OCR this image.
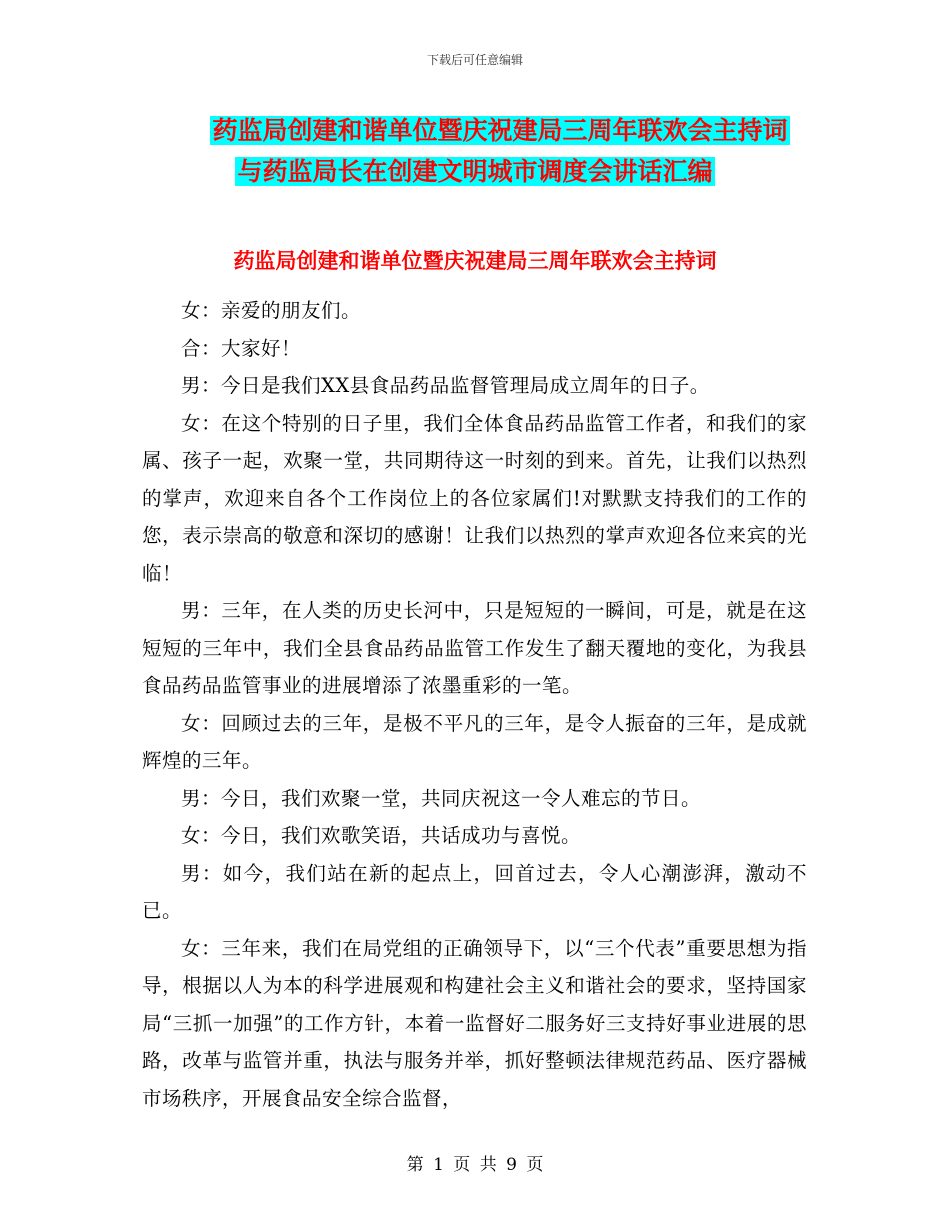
下载后可任意编辑
药监局创建和谐单位暨庆祝建局三周年联欢会主持词
与药监局长在创建文明城市调度会讲话汇编
药监局创建和谐单位暨庆祝建局三周年联欢会主持词

女：亲爱的朋友们。

合：大家好！

男：今日是我们XX县食品药品监督管理局成立周年的日子。

女：在这个特别的日子里，我们全体食品药品监管工作者，和我们的家属、孩子一起，欢聚一堂，共同期待这一时刻的到来。首先，让我们以热烈的掌声，欢迎来自各个工作岗位上的各位家属们!对默默支持我们的工作的您，表示崇高的敬意和深切的感谢！让我们以热烈的掌声欢迎各位来宾的光临！

男：三年，在人类的历史长河中，只是短短的一瞬间，可是，就是在这短短的三年中，我们全县食品药品监管工作发生了翻天覆地的变化，为我县食品药品监管事业的进展增添了浓墨重彩的一笔。

女：回顾过去的三年，是极不平凡的三年，是令人振奋的三年，是成就辉煌的三年。

男：今日，我们欢聚一堂，共同庆祝这一令人难忘的节日。

女：今日，我们欢歌笑语，共话成功与喜悦。

男：如今，我们站在新的起点上，回首过去，令人心潮澎湃，激动不已。

女：三年来，我们在局党组的正确领导下，以“三个代表”重要思想为指导，根据以人为本的科学进展观和构建社会主义和谐社会的要求，坚持国家局“三抓一加强”的工作方针，本着一监督好二服务好三支持好事业进展的思路，改革与监管并重，执法与服务并举，抓好整顿法律规范药品、医疗器械市场秩序，开展食品安全综合监督，

第 1 页 共 9 页
